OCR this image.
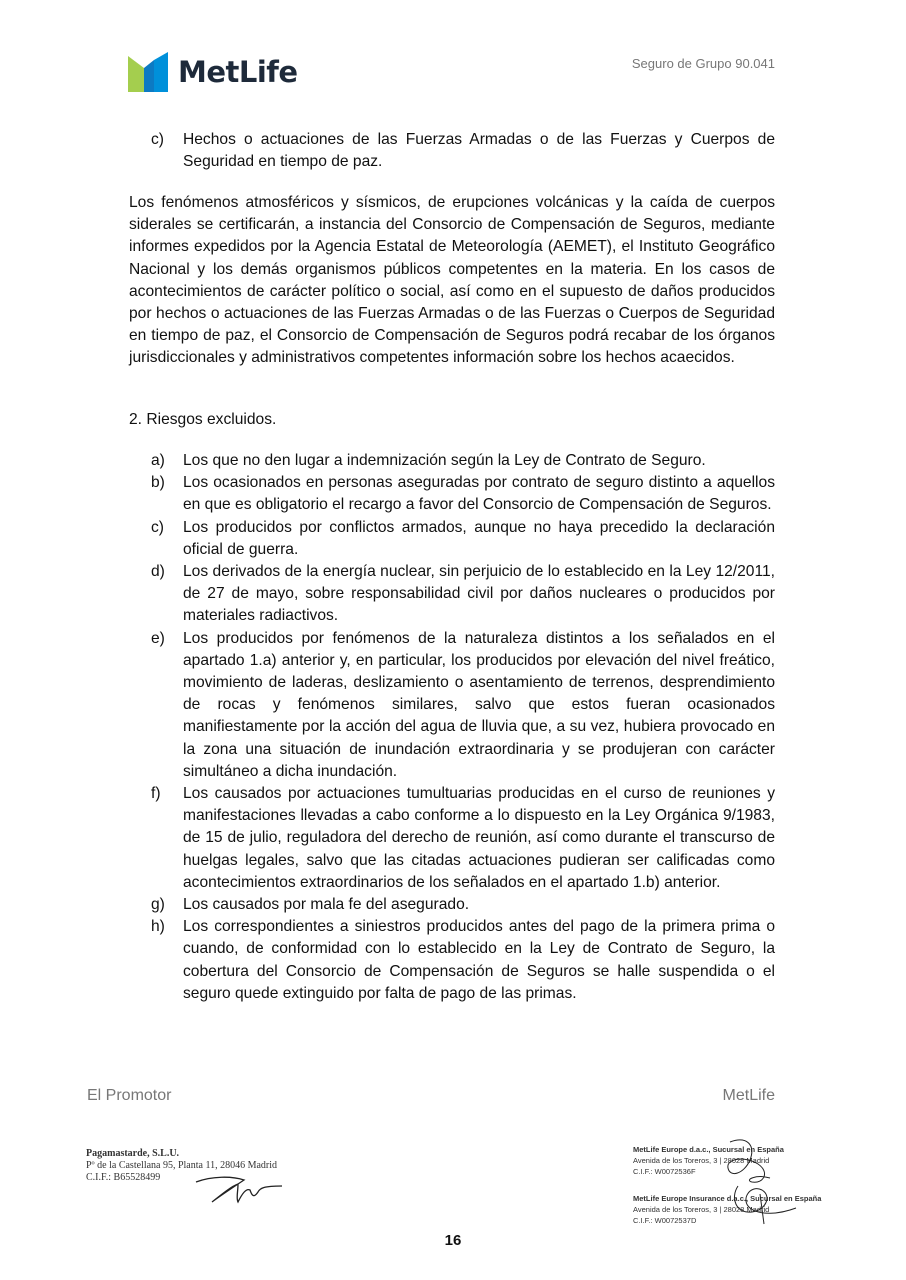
MetLife	Seguro de Grupo 90.041
c)	Hechos o actuaciones de las Fuerzas Armadas o de las Fuerzas y Cuerpos de Seguridad en tiempo de paz.
Los fenómenos atmosféricos y sísmicos, de erupciones volcánicas y la caída de cuerpos siderales se certificarán, a instancia del Consorcio de Compensación de Seguros, mediante informes expedidos por la Agencia Estatal de Meteorología (AEMET), el Instituto Geográfico Nacional y los demás organismos públicos competentes en la materia. En los casos de acontecimientos de carácter político o social, así como en el supuesto de daños producidos por hechos o actuaciones de las Fuerzas Armadas o de las Fuerzas o Cuerpos de Seguridad en tiempo de paz, el Consorcio de Compensación de Seguros podrá recabar de los órganos jurisdiccionales y administrativos competentes información sobre los hechos acaecidos.
2. Riesgos excluidos.
a)	Los que no den lugar a indemnización según la Ley de Contrato de Seguro.
b)	Los ocasionados en personas aseguradas por contrato de seguro distinto a aquellos en que es obligatorio el recargo a favor del Consorcio de Compensación de Seguros.
c)	Los producidos por conflictos armados, aunque no haya precedido la declaración oficial de guerra.
d)	Los derivados de la energía nuclear, sin perjuicio de lo establecido en la Ley 12/2011, de 27 de mayo, sobre responsabilidad civil por daños nucleares o producidos por materiales radiactivos.
e)	Los producidos por fenómenos de la naturaleza distintos a los señalados en el apartado 1.a) anterior y, en particular, los producidos por elevación del nivel freático, movimiento de laderas, deslizamiento o asentamiento de terrenos, desprendimiento de rocas y fenómenos similares, salvo que estos fueran ocasionados manifiestamente por la acción del agua de lluvia que, a su vez, hubiera provocado en la zona una situación de inundación extraordinaria y se produjeran con carácter simultáneo a dicha inundación.
f)	Los causados por actuaciones tumultuarias producidas en el curso de reuniones y manifestaciones llevadas a cabo conforme a lo dispuesto en la Ley Orgánica 9/1983, de 15 de julio, reguladora del derecho de reunión, así como durante el transcurso de huelgas legales, salvo que las citadas actuaciones pudieran ser calificadas como acontecimientos extraordinarios de los señalados en el apartado 1.b) anterior.
g)	Los causados por mala fe del asegurado.
h)	Los correspondientes a siniestros producidos antes del pago de la primera prima o cuando, de conformidad con lo establecido en la Ley de Contrato de Seguro, la cobertura del Consorcio de Compensación de Seguros se halle suspendida o el seguro quede extinguido por falta de pago de las primas.
El Promotor	MetLife
Pagamastarde, S.L.U.
Pº de la Castellana 95, Planta 11, 28046 Madrid
C.I.F.: B65528499
MetLife Europe d.a.c., Sucursal en España
Avenida de los Toreros, 3 | 28028 Madrid
C.I.F.: W0072536F
MetLife Europe Insurance d.a.c., Sucursal en España
Avenida de los Toreros, 3 | 28028 Madrid
C.I.F.: W0072537D
16
